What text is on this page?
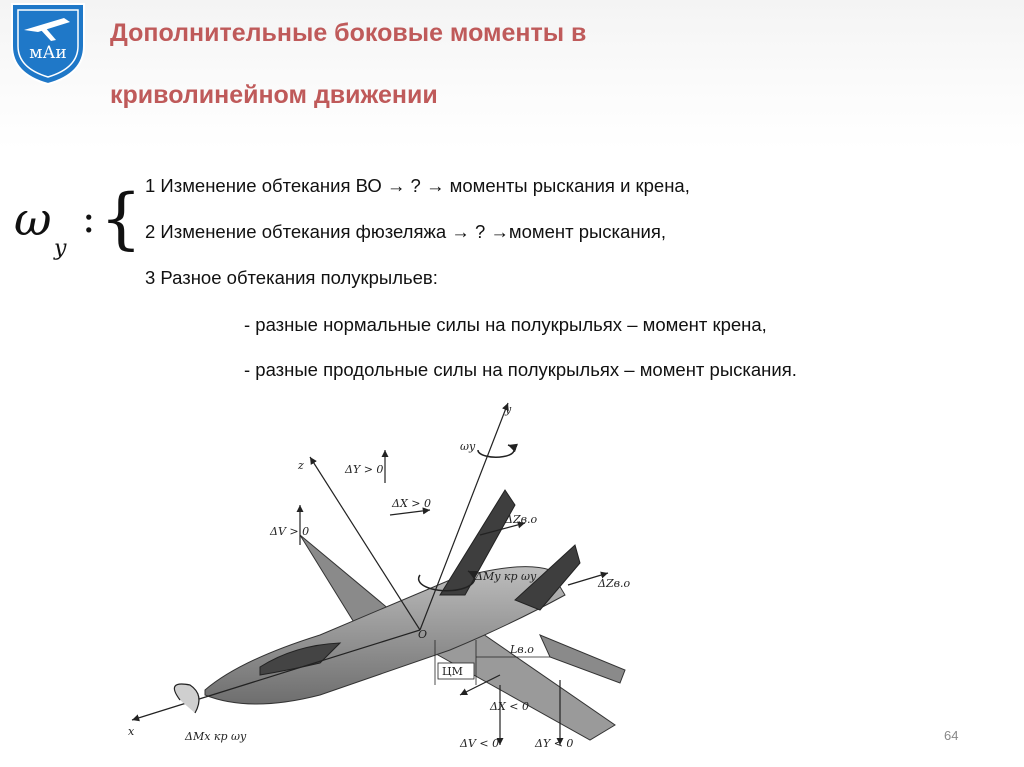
мАи
Дополнительные боковые моменты в
криволинейном движении
ω
y
: { 1 Изменение обтекания ВО → ? → моменты рыскания и крена,
2 Изменение обтекания фюзеляжа → ? →момент рыскания,
3 Разное обтекания полукрыльев:
- разные нормальные силы на полукрыльях – момент крена,
- разные продольные силы на полукрыльях – момент рыскания.
y
z
x
O
ωy
ΔY > 0
ΔX > 0
ΔV > 0
ΔZв.о
ΔZв.о
ΔMy кр ωy
ΔMx кр ωy
ЦМ
Lв.о
ΔX < 0
ΔV < 0	ΔY < 0
64
